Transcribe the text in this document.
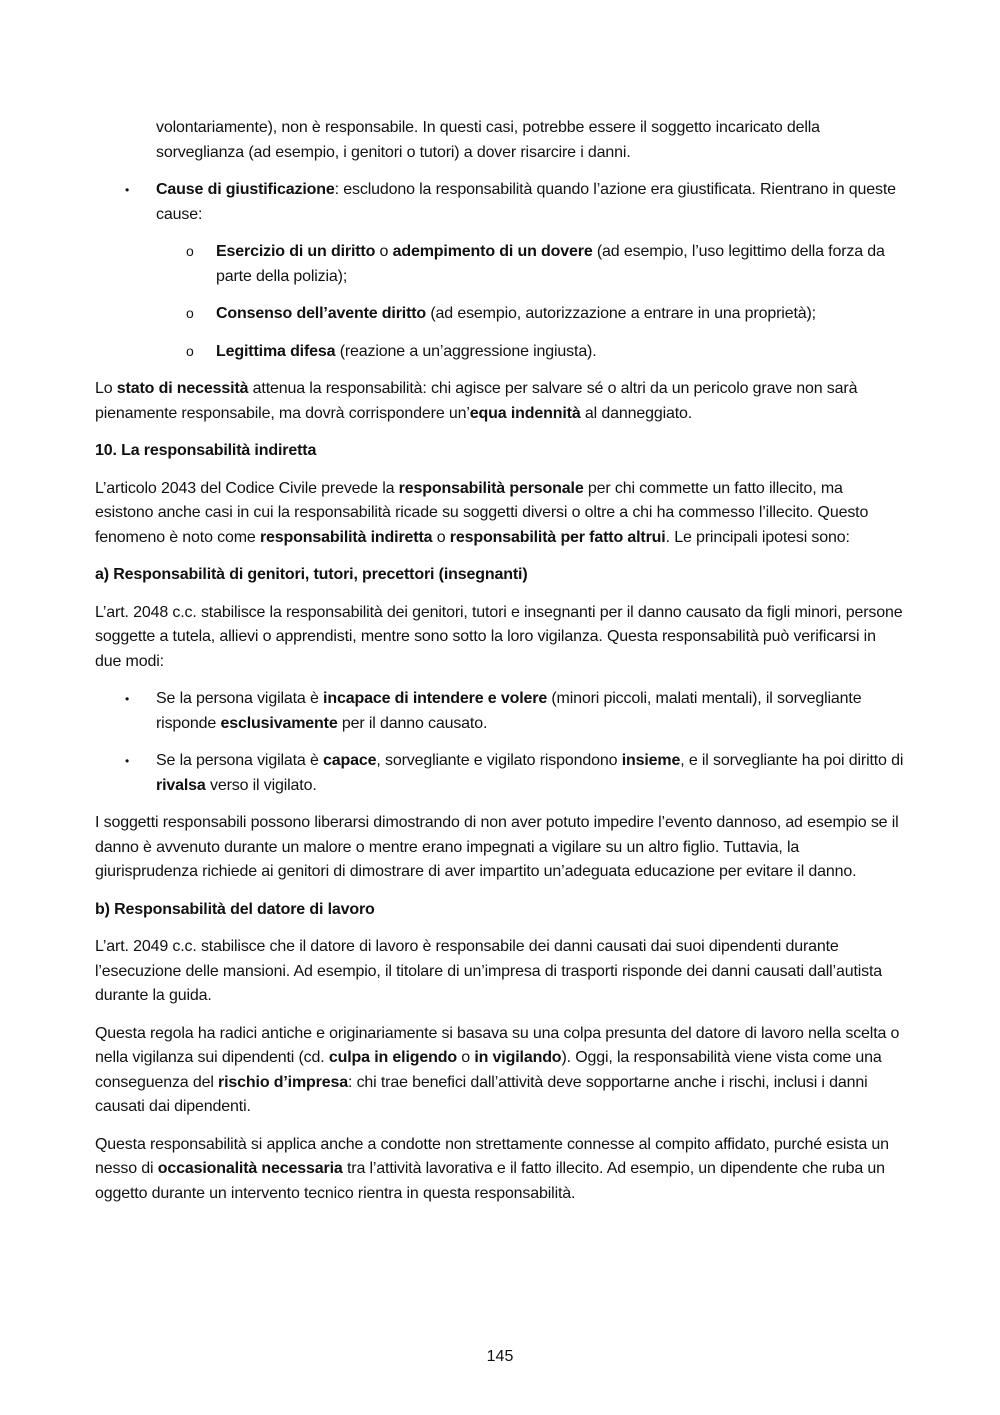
volontariamente), non è responsabile. In questi casi, potrebbe essere il soggetto incaricato della sorveglianza (ad esempio, i genitori o tutori) a dover risarcire i danni.
• Cause di giustificazione: escludono la responsabilità quando l’azione era giustificata. Rientrano in queste cause:
o Esercizio di un diritto o adempimento di un dovere (ad esempio, l’uso legittimo della forza da parte della polizia);
o Consenso dell’avente diritto (ad esempio, autorizzazione a entrare in una proprietà);
o Legittima difesa (reazione a un’aggressione ingiusta).

Lo stato di necessità attenua la responsabilità: chi agisce per salvare sé o altri da un pericolo grave non sarà pienamente responsabile, ma dovrà corrispondere un’equa indennità al danneggiato.

10. La responsabilità indiretta

L’articolo 2043 del Codice Civile prevede la responsabilità personale per chi commette un fatto illecito, ma esistono anche casi in cui la responsabilità ricade su soggetti diversi o oltre a chi ha commesso l’illecito. Questo fenomeno è noto come responsabilità indiretta o responsabilità per fatto altrui. Le principali ipotesi sono:

a) Responsabilità di genitori, tutori, precettori (insegnanti)

L’art. 2048 c.c. stabilisce la responsabilità dei genitori, tutori e insegnanti per il danno causato da figli minori, persone soggette a tutela, allievi o apprendisti, mentre sono sotto la loro vigilanza. Questa responsabilità può verificarsi in due modi:

• Se la persona vigilata è incapace di intendere e volere (minori piccoli, malati mentali), il sorvegliante risponde esclusivamente per il danno causato.
• Se la persona vigilata è capace, sorvegliante e vigilato rispondono insieme, e il sorvegliante ha poi diritto di rivalsa verso il vigilato.

I soggetti responsabili possono liberarsi dimostrando di non aver potuto impedire l’evento dannoso, ad esempio se il danno è avvenuto durante un malore o mentre erano impegnati a vigilare su un altro figlio. Tuttavia, la giurisprudenza richiede ai genitori di dimostrare di aver impartito un’adeguata educazione per evitare il danno.

b) Responsabilità del datore di lavoro

L’art. 2049 c.c. stabilisce che il datore di lavoro è responsabile dei danni causati dai suoi dipendenti durante l’esecuzione delle mansioni. Ad esempio, il titolare di un’impresa di trasporti risponde dei danni causati dall’autista durante la guida.

Questa regola ha radici antiche e originariamente si basava su una colpa presunta del datore di lavoro nella scelta o nella vigilanza sui dipendenti (cd. culpa in eligendo o in vigilando). Oggi, la responsabilità viene vista come una conseguenza del rischio d’impresa: chi trae benefici dall’attività deve sopportarne anche i rischi, inclusi i danni causati dai dipendenti.

Questa responsabilità si applica anche a condotte non strettamente connesse al compito affidato, purché esista un nesso di occasionalità necessaria tra l’attività lavorativa e il fatto illecito. Ad esempio, un dipendente che ruba un oggetto durante un intervento tecnico rientra in questa responsabilità.

145
